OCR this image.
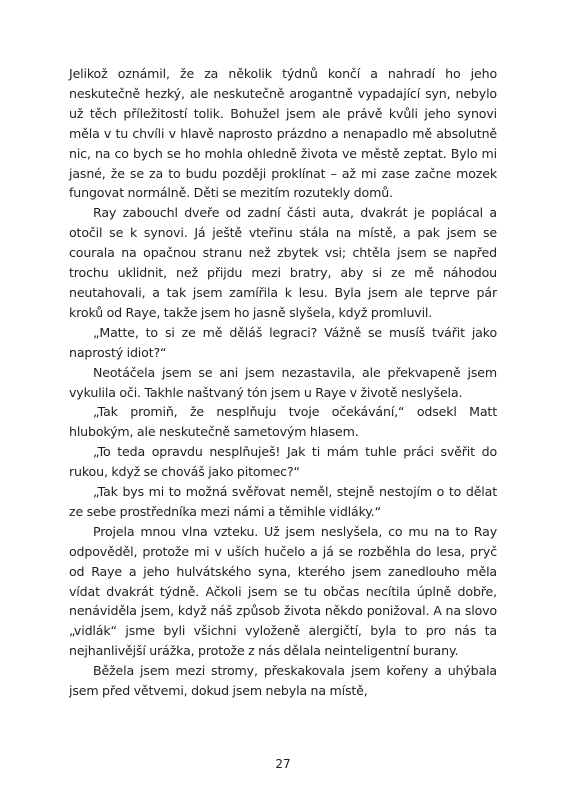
Jelikož oznámil, že za několik týdnů končí a nahradí ho jeho neskutečně hezký, ale neskutečně arogantně vypadající syn, nebylo už těch příležitostí tolik. Bohužel jsem ale právě kvůli jeho synovi měla v tu chvíli v hlavě naprosto prázdno a nenapadlo mě absolutně nic, na co bych se ho mohla ohledně života ve městě zeptat. Bylo mi jasné, že se za to budu později proklínat – až mi zase začne mozek fungovat normálně. Děti se mezitím rozutekly domů.

Ray zabouchl dveře od zadní části auta, dvakrát je poplácal a otočil se k synovi. Já ještě vteřinu stála na místě, a pak jsem se courala na opačnou stranu než zbytek vsi; chtěla jsem se napřed trochu uklidnit, než přijdu mezi bratry, aby si ze mě náhodou neutahovali, a tak jsem zamířila k lesu. Byla jsem ale teprve pár kroků od Raye, takže jsem ho jasně slyšela, když promluvil.

„Matte, to si ze mě děláš legraci? Vážně se musíš tvářit jako naprostý idiot?“

Neotáčela jsem se ani jsem nezastavila, ale překvapeně jsem vykulila oči. Takhle naštvaný tón jsem u Raye v životě neslyšela.

„Tak promiň, že nesplňuju tvoje očekávání,“ odsekl Matt hlubokým, ale neskutečně sametovým hlasem.

„To teda opravdu nesplňuješ! Jak ti mám tuhle práci svěřit do rukou, když se chováš jako pitomec?“

„Tak bys mi to možná svěřovat neměl, stejně nestojím o to dělat ze sebe prostředníka mezi námi a těmihle vidláky.“

Projela mnou vlna vzteku. Už jsem neslyšela, co mu na to Ray odpověděl, protože mi v uších hučelo a já se rozběhla do lesa, pryč od Raye a jeho hulvátského syna, kterého jsem zanedlouho měla vídat dvakrát týdně. Ačkoli jsem se tu občas necítila úplně dobře, nenáviděla jsem, když náš způsob života někdo ponižoval. A na slovo „vidlák“ jsme byli všichni vyloženě alergičtí, byla to pro nás ta nejhanlivější urážka, protože z nás dělala neinteligentní burany.

Běžela jsem mezi stromy, přeskakovala jsem kořeny a uhýbala jsem před větvemi, dokud jsem nebyla na místě,

27
